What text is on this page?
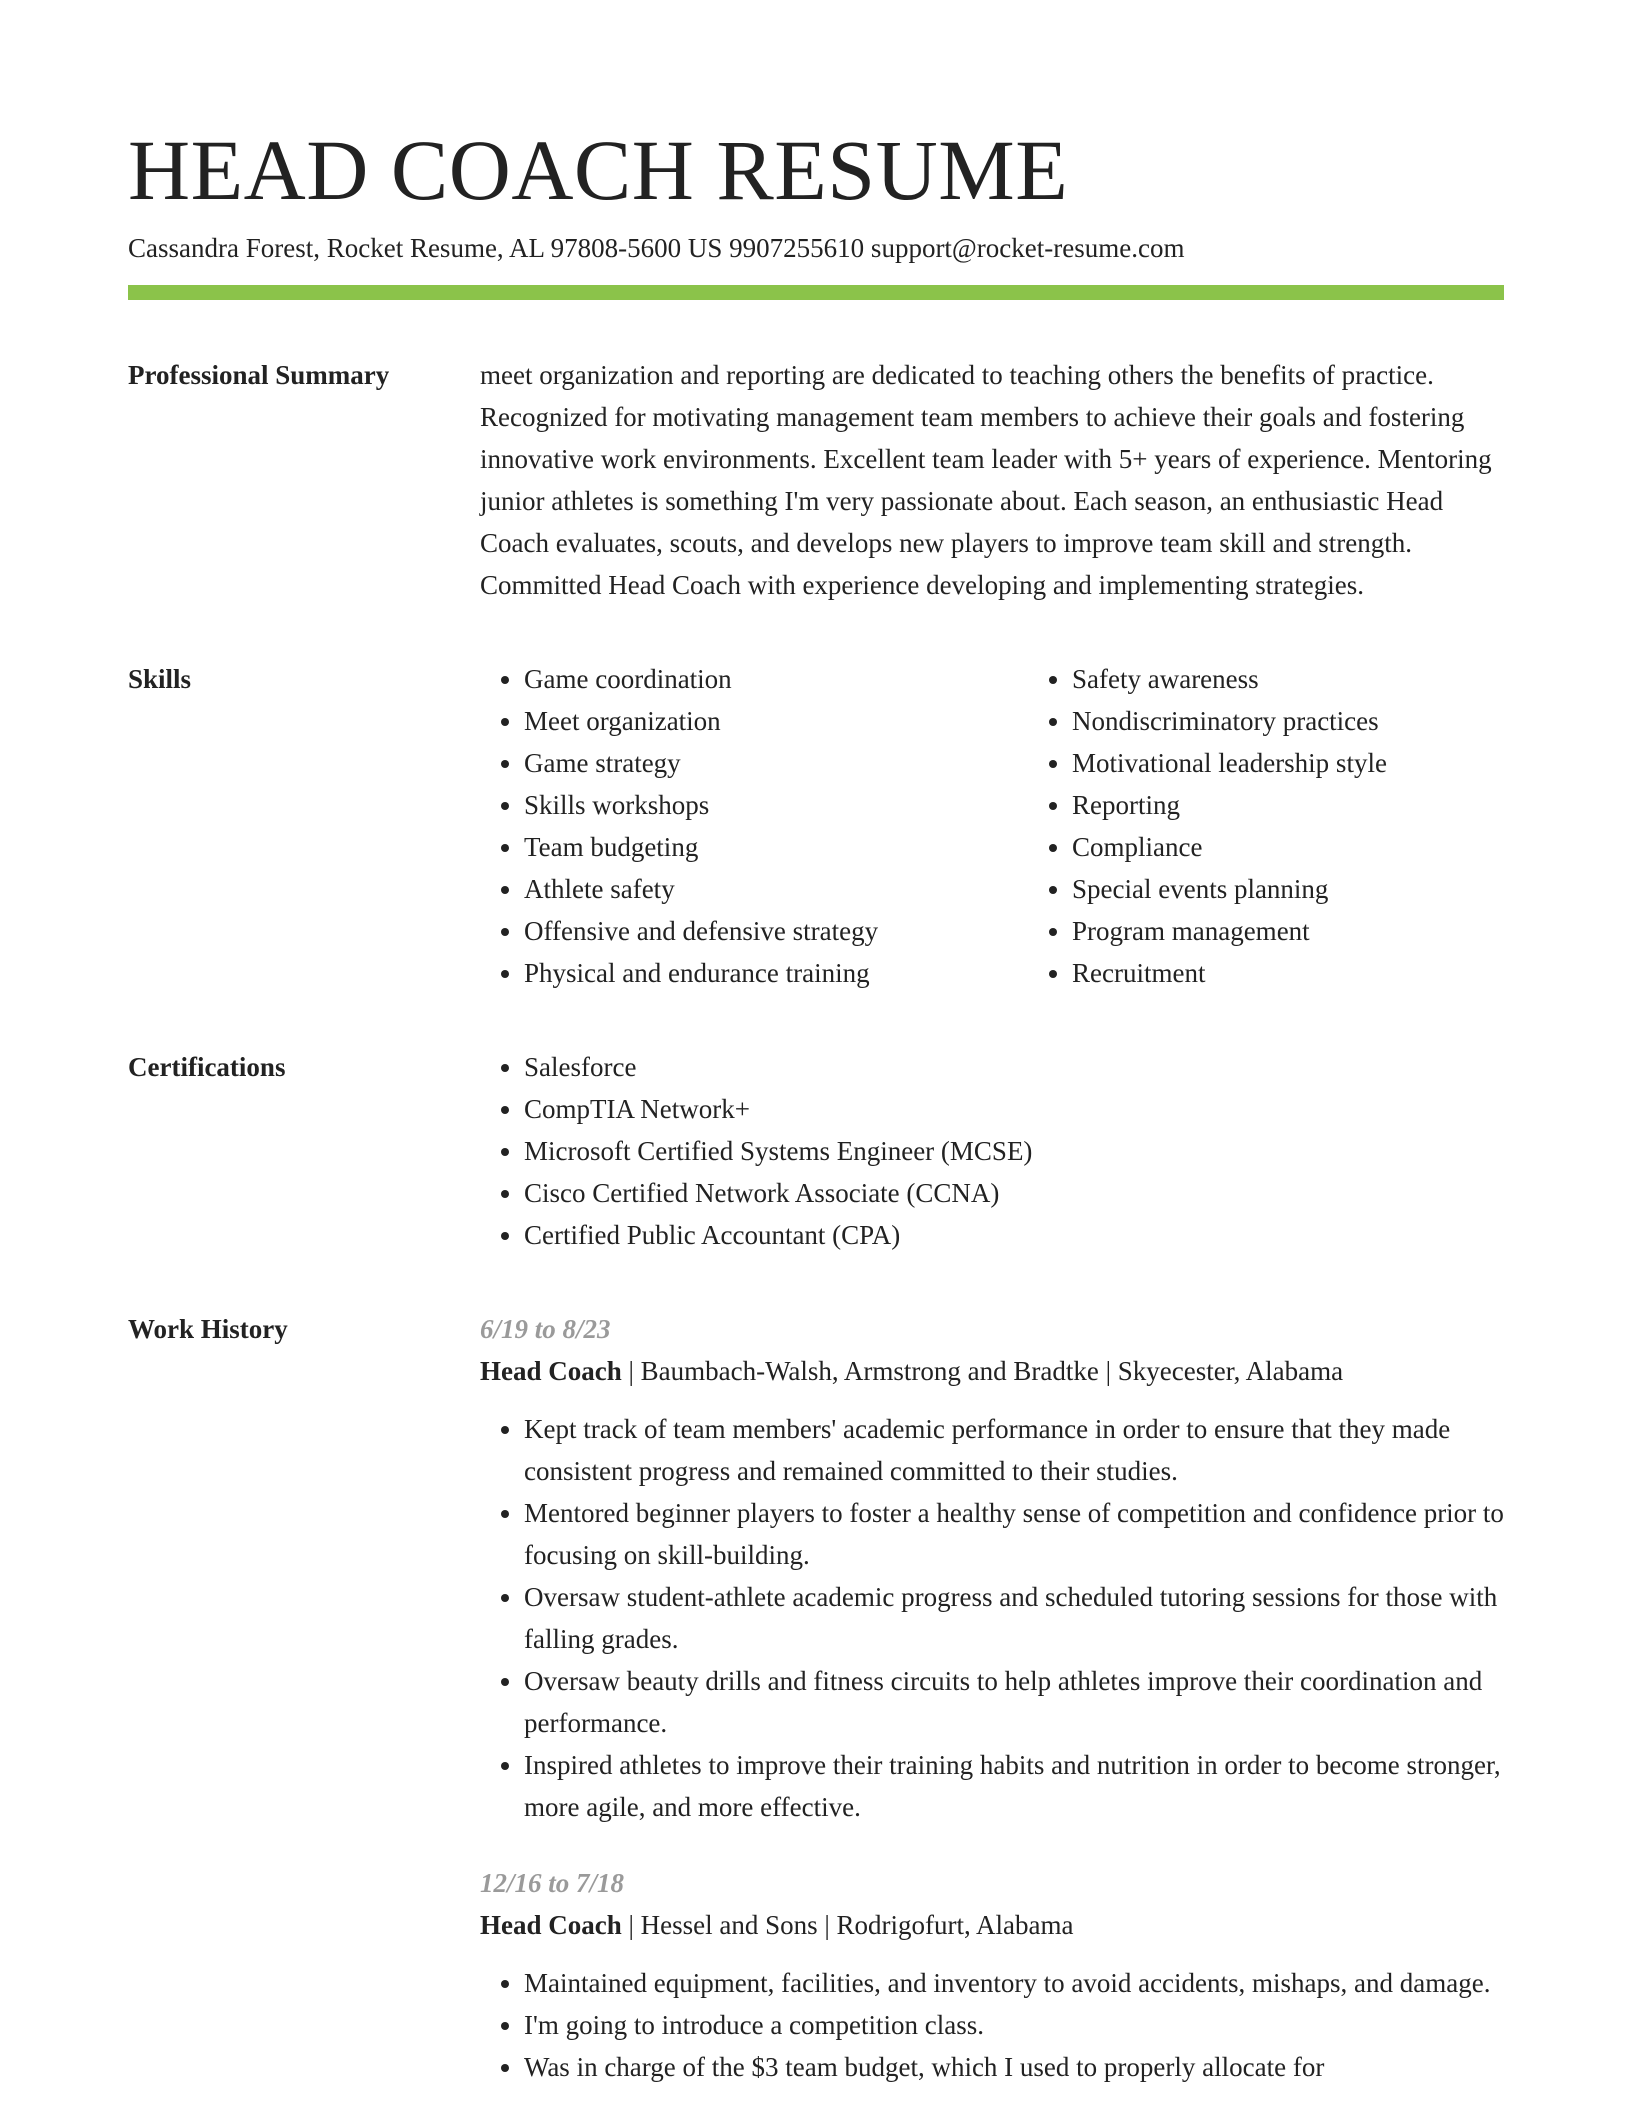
HEAD COACH RESUME
Cassandra Forest, Rocket Resume, AL 97808-5600 US 9907255610 support@rocket-resume.com
Professional Summary	meet organization and reporting are dedicated to teaching others the benefits of practice. Recognized for motivating management team members to achieve their goals and fostering innovative work environments. Excellent team leader with 5+ years of experience. Mentoring junior athletes is something I'm very passionate about. Each season, an enthusiastic Head Coach evaluates, scouts, and develops new players to improve team skill and strength. Committed Head Coach with experience developing and implementing strategies.

Skills	• Game coordination
• Meet organization
• Game strategy
• Skills workshops
• Team budgeting
• Athlete safety
• Offensive and defensive strategy
• Physical and endurance training
• Safety awareness
• Nondiscriminatory practices
• Motivational leadership style
• Reporting
• Compliance
• Special events planning
• Program management
• Recruitment
Certifications	• Salesforce
• CompTIA Network+
• Microsoft Certified Systems Engineer (MCSE)
• Cisco Certified Network Associate (CCNA)
• Certified Public Accountant (CPA)
Work History	6/19 to 8/23
Head Coach | Baumbach-Walsh, Armstrong and Bradtke | Skyecester, Alabama
• Kept track of team members' academic performance in order to ensure that they made consistent progress and remained committed to their studies.
• Mentored beginner players to foster a healthy sense of competition and confidence prior to focusing on skill-building.
• Oversaw student-athlete academic progress and scheduled tutoring sessions for those with falling grades.
• Oversaw beauty drills and fitness circuits to help athletes improve their coordination and performance.
• Inspired athletes to improve their training habits and nutrition in order to become stronger, more agile, and more effective.
12/16 to 7/18
Head Coach | Hessel and Sons | Rodrigofurt, Alabama
• Maintained equipment, facilities, and inventory to avoid accidents, mishaps, and damage.
• I'm going to introduce a competition class.
• Was in charge of the $3 team budget, which I used to properly allocate for
